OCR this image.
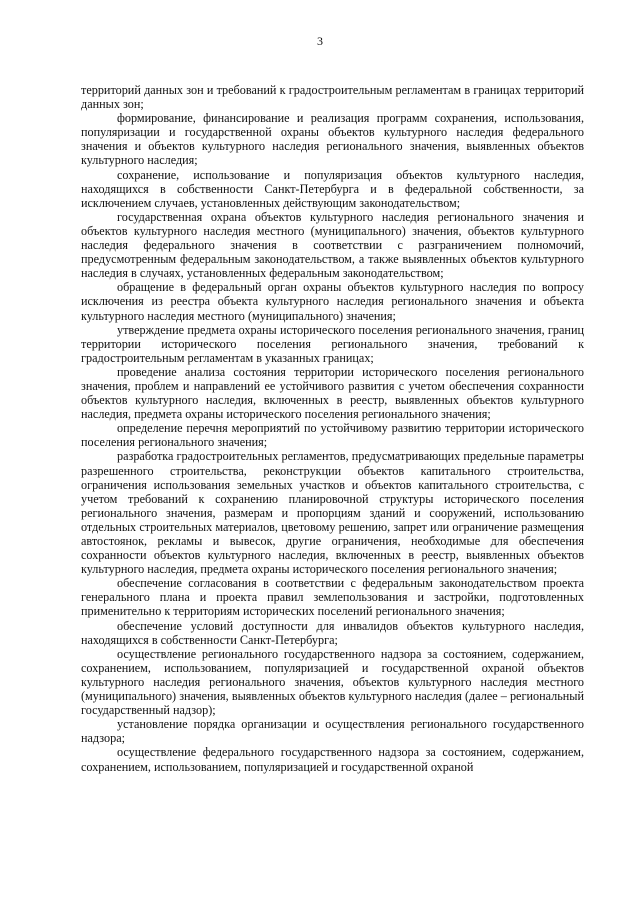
3

территорий данных зон и требований к градостроительным регламентам в границах территорий данных зон;

формирование, финансирование и реализация программ сохранения, использования, популяризации и государственной охраны объектов культурного наследия федерального значения и объектов культурного наследия регионального значения, выявленных объектов культурного наследия;

сохранение, использование и популяризация объектов культурного наследия, находящихся в собственности Санкт-Петербурга и в федеральной собственности, за исключением случаев, установленных действующим законодательством;

государственная охрана объектов культурного наследия регионального значения и объектов культурного наследия местного (муниципального) значения, объектов культурного наследия федерального значения в соответствии с разграничением полномочий, предусмотренным федеральным законодательством, а также выявленных объектов культурного наследия в случаях, установленных федеральным законодательством;

обращение в федеральный орган охраны объектов культурного наследия по вопросу исключения из реестра объекта культурного наследия регионального значения и объекта культурного наследия местного (муниципального) значения;

утверждение предмета охраны исторического поселения регионального значения, границ территории исторического поселения регионального значения, требований к градостроительным регламентам в указанных границах;

проведение анализа состояния территории исторического поселения регионального значения, проблем и направлений ее устойчивого развития с учетом обеспечения сохранности объектов культурного наследия, включенных в реестр, выявленных объектов культурного наследия, предмета охраны исторического поселения регионального значения;

определение перечня мероприятий по устойчивому развитию территории исторического поселения регионального значения;

разработка градостроительных регламентов, предусматривающих предельные параметры разрешенного строительства, реконструкции объектов капитального строительства, ограничения использования земельных участков и объектов капитального строительства, с учетом требований к сохранению планировочной структуры исторического поселения регионального значения, размерам и пропорциям зданий и сооружений, использованию отдельных строительных материалов, цветовому решению, запрет или ограничение размещения автостоянок, рекламы и вывесок, другие ограничения, необходимые для обеспечения сохранности объектов культурного наследия, включенных в реестр, выявленных объектов культурного наследия, предмета охраны исторического поселения регионального значения;

обеспечение согласования в соответствии с федеральным законодательством проекта генерального плана и проекта правил землепользования и застройки, подготовленных применительно к территориям исторических поселений регионального значения;

обеспечение условий доступности для инвалидов объектов культурного наследия, находящихся в собственности Санкт-Петербурга;

осуществление регионального государственного надзора за состоянием, содержанием, сохранением, использованием, популяризацией и государственной охраной объектов культурного наследия регионального значения, объектов культурного наследия местного (муниципального) значения, выявленных объектов культурного наследия (далее – региональный государственный надзор);

установление порядка организации и осуществления регионального государственного надзора;

осуществление федерального государственного надзора за состоянием, содержанием, сохранением, использованием, популяризацией и государственной охраной
